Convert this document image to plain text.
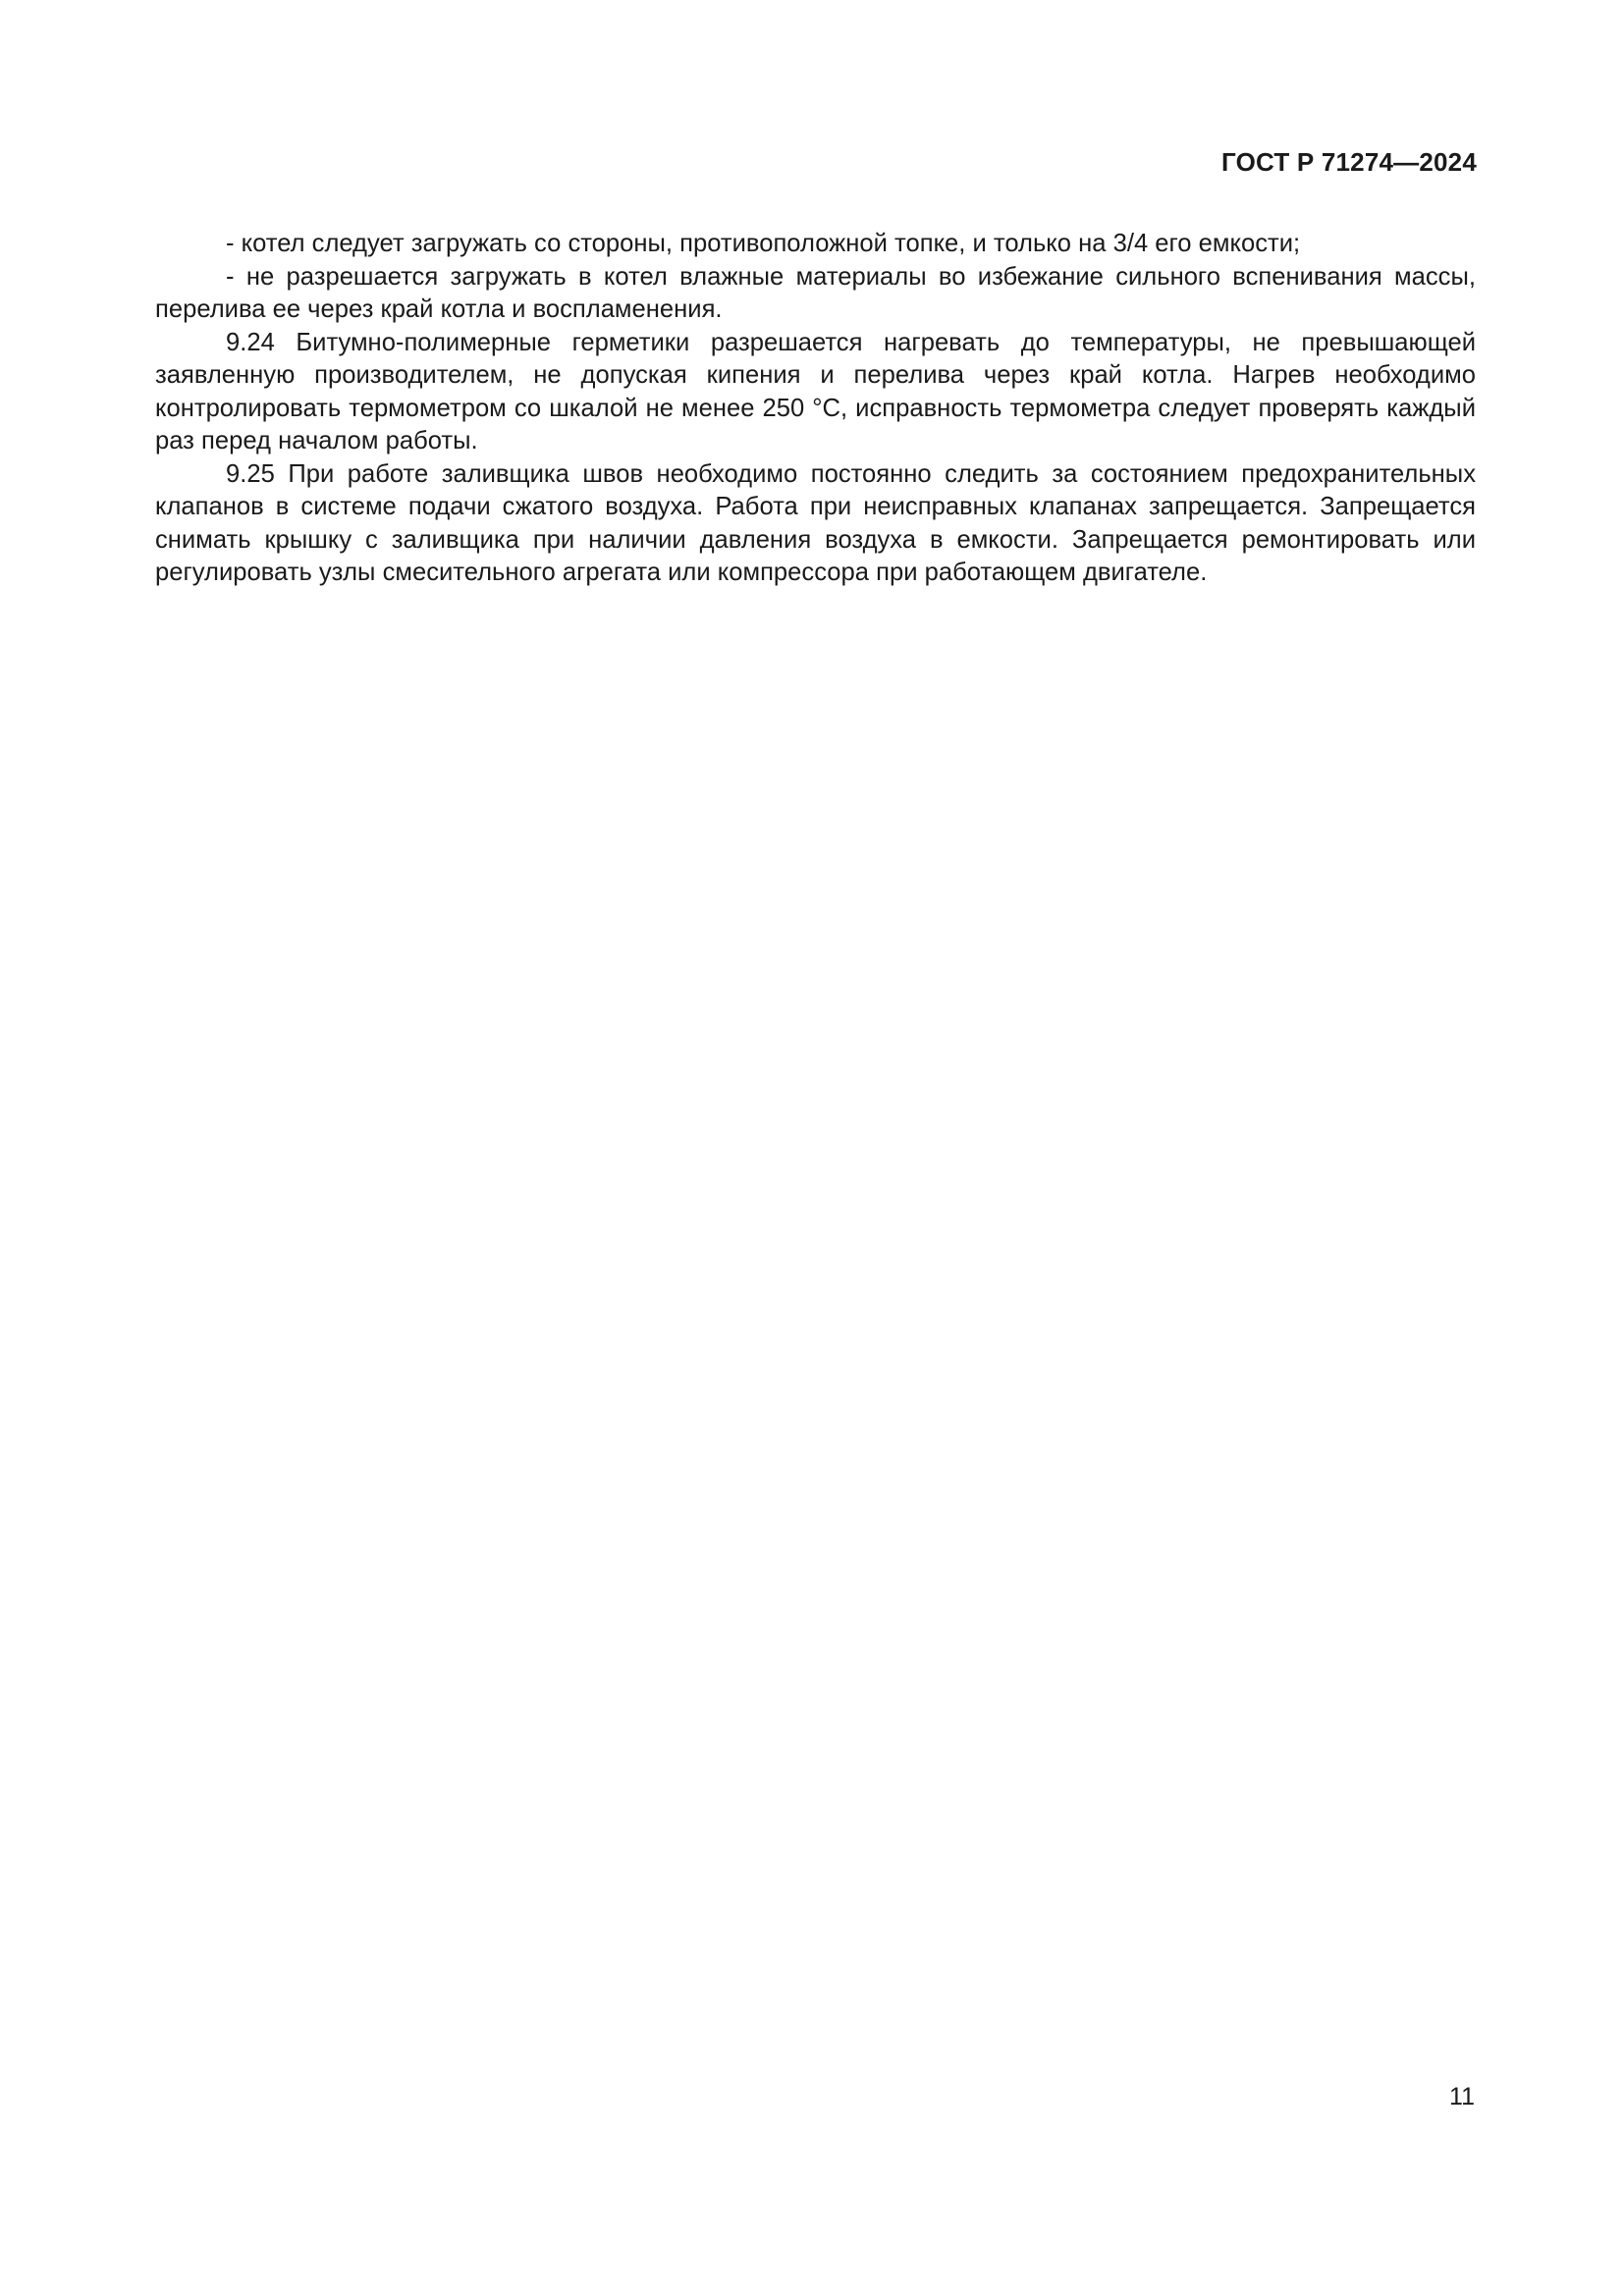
ГОСТ Р 71274—2024

- котел следует загружать со стороны, противоположной топке, и только на 3/4 его емкости;

- не разрешается загружать в котел влажные материалы во избежание сильного вспенивания массы, перелива ее через край котла и воспламенения.

9.24 Битумно-полимерные герметики разрешается нагревать до температуры, не превышающей заявленную производителем, не допуская кипения и перелива через край котла. Нагрев необходимо контролировать термометром со шкалой не менее 250 °С, исправность термометра следует проверять каждый раз перед началом работы.

9.25 При работе заливщика швов необходимо постоянно следить за состоянием предохранительных клапанов в системе подачи сжатого воздуха. Работа при неисправных клапанах запрещается. Запрещается снимать крышку с заливщика при наличии давления воздуха в емкости. Запрещается ремонтировать или регулировать узлы смесительного агрегата или компрессора при работающем двигателе.

11
